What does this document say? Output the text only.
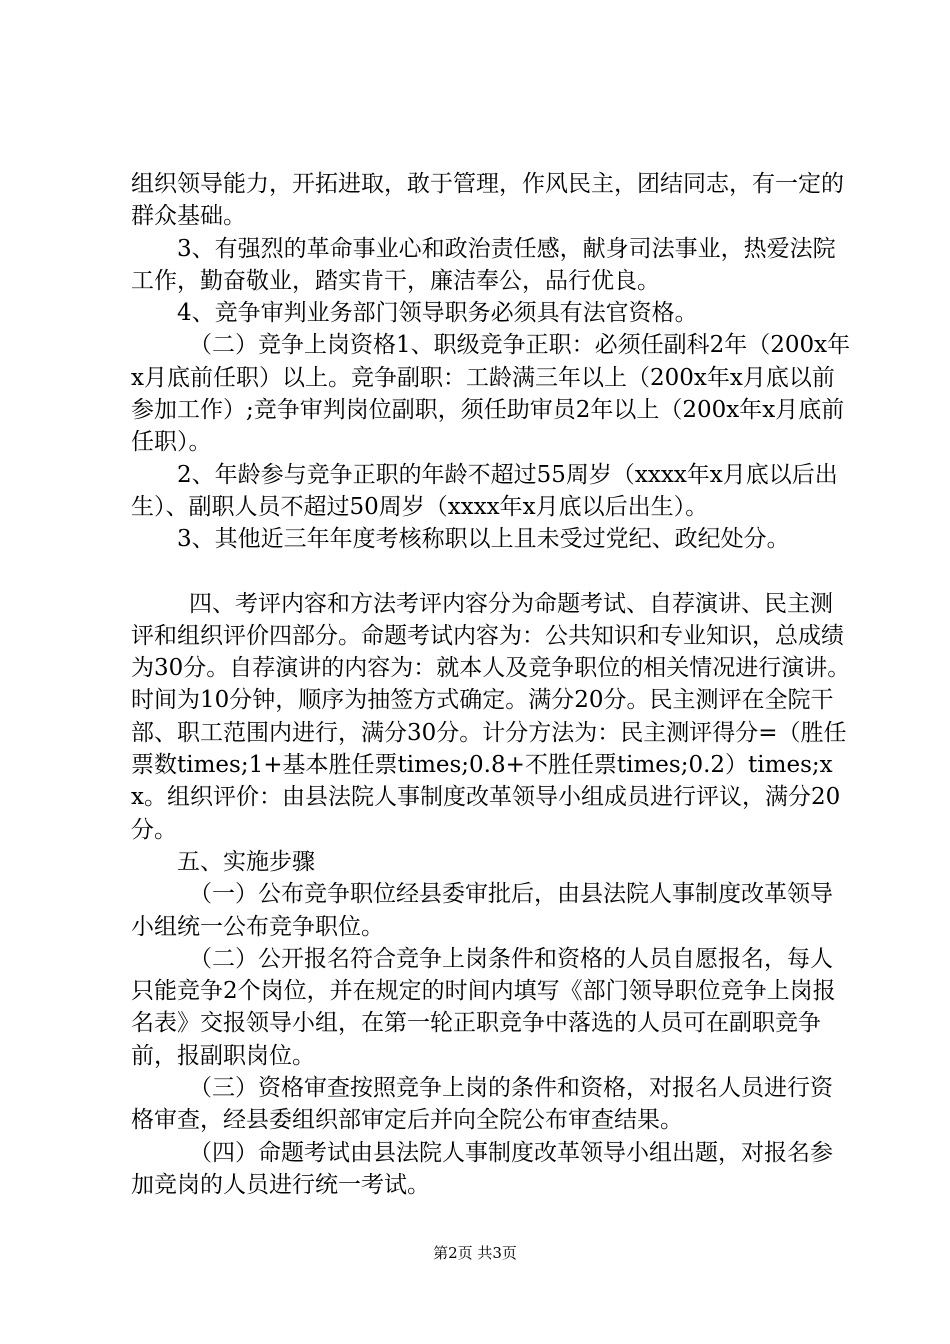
组织领导能力，开拓进取，敢于管理，作风民主，团结同志，有一定的群众基础。

3、有强烈的革命事业心和政治责任感，献身司法事业，热爱法院工作，勤奋敬业，踏实肯干，廉洁奉公，品行优良。

4、竞争审判业务部门领导职务必须具有法官资格。

（二）竞争上岗资格1、职级竞争正职：必须任副科2年（200x年x月底前任职）以上。竞争副职：工龄满三年以上（200x年x月底以前参加工作）;竞争审判岗位副职，须任助审员2年以上（200x年x月底前任职）。

2、年龄参与竞争正职的年龄不超过55周岁（xxxx年x月底以后出生）、副职人员不超过50周岁（xxxx年x月底以后出生）。

3、其他近三年年度考核称职以上且未受过党纪、政纪处分。

四、考评内容和方法考评内容分为命题考试、自荐演讲、民主测评和组织评价四部分。命题考试内容为：公共知识和专业知识，总成绩为30分。自荐演讲的内容为：就本人及竞争职位的相关情况进行演讲。时间为10分钟，顺序为抽签方式确定。满分20分。民主测评在全院干部、职工范围内进行，满分30分。计分方法为：民主测评得分=（胜任票数times;1+基本胜任票times;0.8+不胜任票times;0.2）times;xx。组织评价：由县法院人事制度改革领导小组成员进行评议，满分20分。

五、实施步骤

（一）公布竞争职位经县委审批后，由县法院人事制度改革领导小组统一公布竞争职位。

（二）公开报名符合竞争上岗条件和资格的人员自愿报名，每人只能竞争2个岗位，并在规定的时间内填写《部门领导职位竞争上岗报名表》交报领导小组，在第一轮正职竞争中落选的人员可在副职竞争前，报副职岗位。

（三）资格审查按照竞争上岗的条件和资格，对报名人员进行资格审查，经县委组织部审定后并向全院公布审查结果。

（四）命题考试由县法院人事制度改革领导小组出题，对报名参加竞岗的人员进行统一考试。

第2页 共3页
